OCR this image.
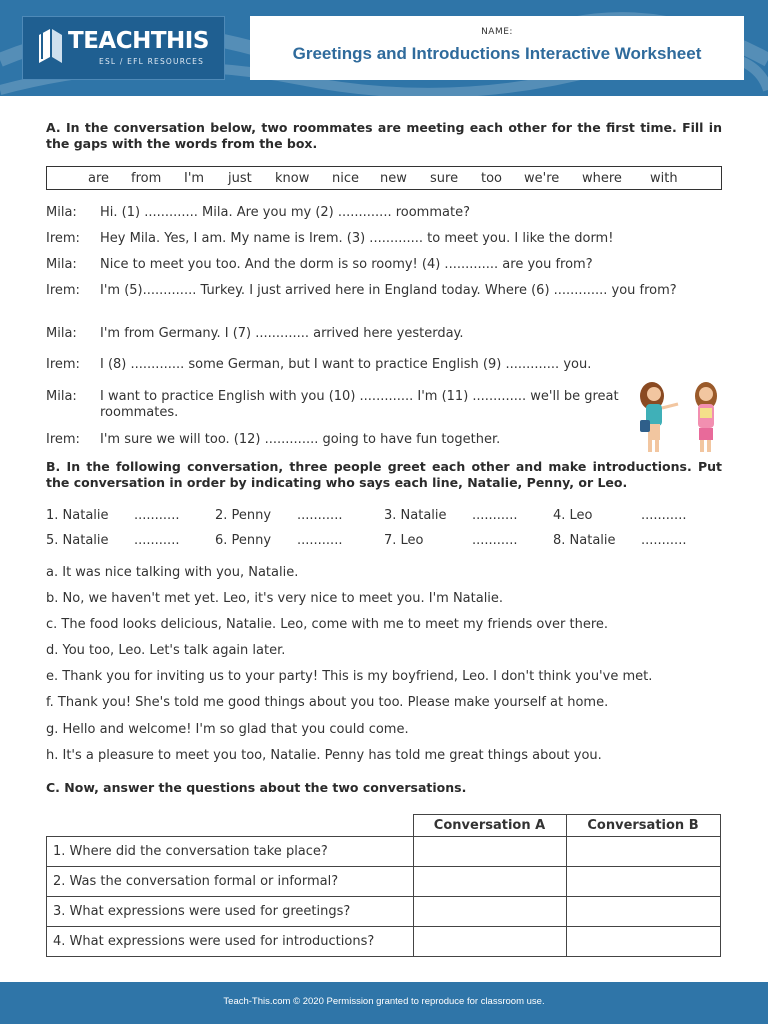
TEACHTHIS
ESL / EFL RESOURCES
NAME:
Greetings and Introductions Interactive Worksheet
A. In the conversation below, two roommates are meeting each other for the first time. Fill in the gaps with the words from the box.
are from I'm just know nice new sure too we're where with
Mila: Hi. (1) ............. Mila. Are you my (2) ............. roommate?
Irem: Hey Mila. Yes, I am. My name is Irem. (3) ............. to meet you. I like the dorm!
Mila: Nice to meet you too. And the dorm is so roomy! (4) ............. are you from?
Irem: I'm (5)............. Turkey. I just arrived here in England today. Where (6) ............. you from?
Mila: I'm from Germany. I (7) ............. arrived here yesterday.
Irem: I (8) ............. some German, but I want to practice English (9) ............. you.
Mila: I want to practice English with you (10) ............. I'm (11) ............. we'll be great roommates.
Irem: I'm sure we will too. (12) ............. going to have fun together.
B. In the following conversation, three people greet each other and make introductions. Put the conversation in order by indicating who says each line, Natalie, Penny, or Leo.
1. Natalie ...........	2. Penny ...........	3. Natalie ...........	4. Leo	...........
5. Natalie ...........	6. Penny ...........	7. Leo	...........	8. Natalie ...........
a. It was nice talking with you, Natalie.
b. No, we haven't met yet. Leo, it's very nice to meet you. I'm Natalie.
c. The food looks delicious, Natalie. Leo, come with me to meet my friends over there.
d. You too, Leo. Let's talk again later.
e. Thank you for inviting us to your party! This is my boyfriend, Leo. I don't think you've met.
f. Thank you! She's told me good things about you too. Please make yourself at home.
g. Hello and welcome! I'm so glad that you could come.
h. It's a pleasure to meet you too, Natalie. Penny has told me great things about you.
C. Now, answer the questions about the two conversations.
	Conversation A	Conversation B
1. Where did the conversation take place?		
2. Was the conversation formal or informal?		
3. What expressions were used for greetings?		
4. What expressions were used for introductions?		
Teach-This.com © 2020 Permission granted to reproduce for classroom use.
